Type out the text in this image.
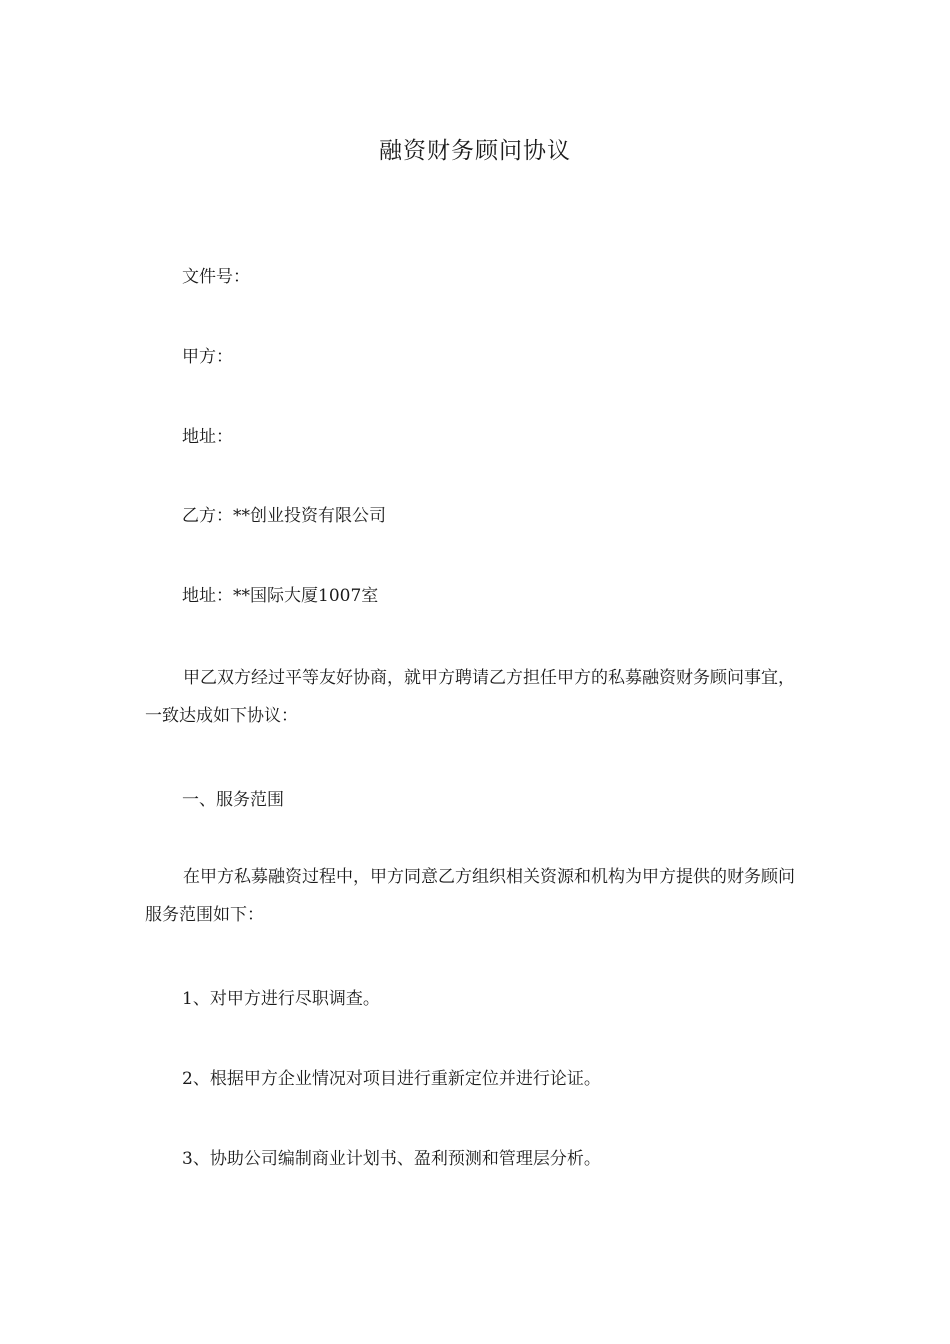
融资财务顾问协议
文件号：
甲方：
地址：
乙方：**创业投资有限公司
地址：**国际大厦1007室
甲乙双方经过平等友好协商，就甲方聘请乙方担任甲方的私募融资财务顾问事宜，一致达成如下协议：
一、服务范围
在甲方私募融资过程中，甲方同意乙方组织相关资源和机构为甲方提供的财务顾问服务范围如下：
1、对甲方进行尽职调查。
2、根据甲方企业情况对项目进行重新定位并进行论证。
3、协助公司编制商业计划书、盈利预测和管理层分析。
